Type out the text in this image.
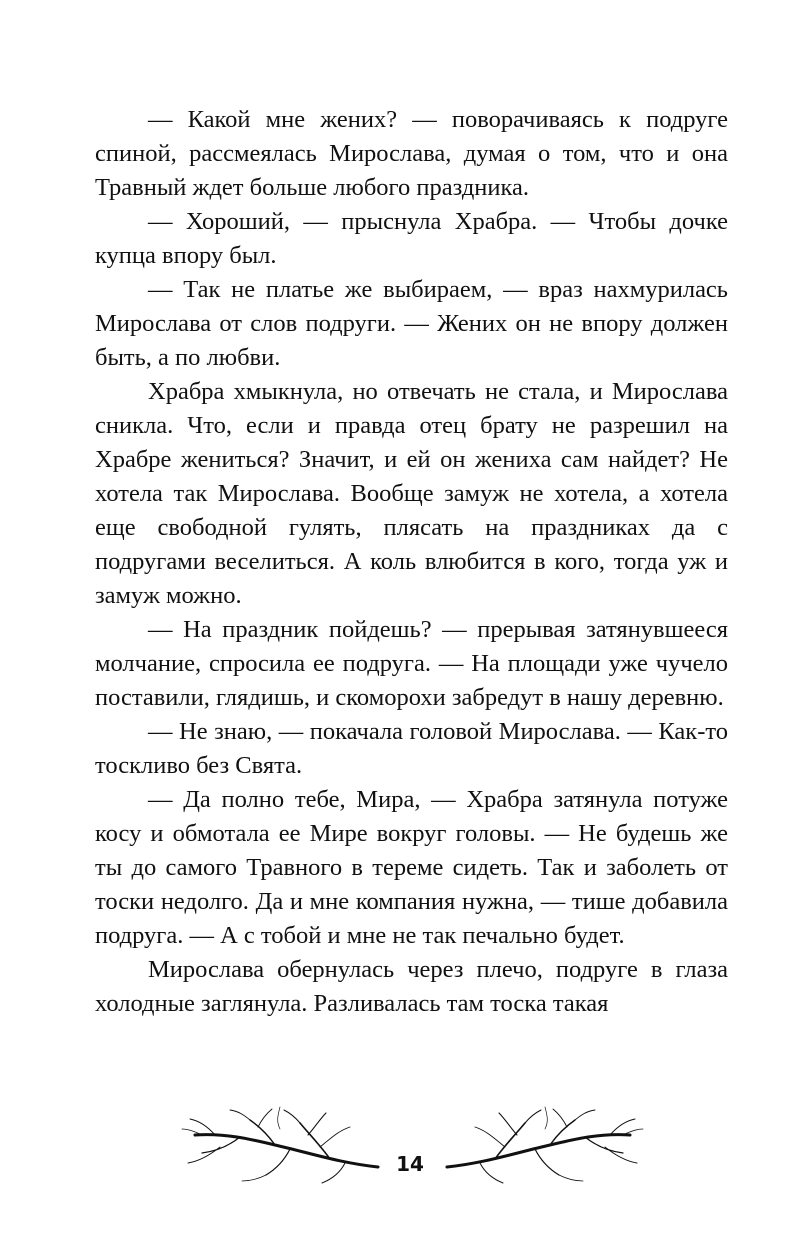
— Какой мне жених? — поворачиваясь к подруге спиной, рассмеялась Мирослава, думая о том, что и она Травный ждет больше любого праздника.

— Хороший, — прыснула Храбра. — Чтобы дочке купца впору был.

— Так не платье же выбираем, — враз нахмурилась Мирослава от слов подруги. — Жених он не впору должен быть, а по любви.

Храбра хмыкнула, но отвечать не стала, и Мирослава сникла. Что, если и правда отец брату не разрешил на Храбре жениться? Значит, и ей он жениха сам найдет? Не хотела так Мирослава. Вообще замуж не хотела, а хотела еще свободной гулять, плясать на праздниках да с подругами веселиться. А коль влюбится в кого, тогда уж и замуж можно.

— На праздник пойдешь? — прерывая затянувшееся молчание, спросила ее подруга. — На площади уже чучело поставили, глядишь, и скоморохи забредут в нашу деревню.

— Не знаю, — покачала головой Мирослава. — Как-то тоскливо без Свята.

— Да полно тебе, Мира, — Храбра затянула потуже косу и обмотала ее Мире вокруг головы. — Не будешь же ты до самого Травного в тереме сидеть. Так и заболеть от тоски недолго. Да и мне компания нужна, — тише добавила подруга. — А с тобой и мне не так печально будет.

Мирослава обернулась через плечо, подруге в глаза холодные заглянула. Разливалась там тоска такая

14
